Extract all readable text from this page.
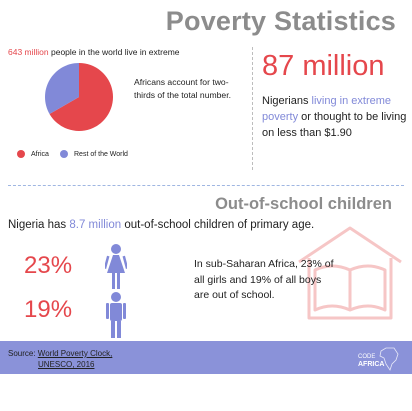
Poverty Statistics
643 million people in the world live in extreme
Africans account for two-thirds of the total number.
Africa	Rest of the World
87 million
Nigerians living in extreme poverty or thought to be living on less than $1.90
Out-of-school children
Nigeria has 8.7 million out-of-school children of primary age.
23%
19%
In sub-Saharan Africa, 23% of all girls and 19% of all boys are out of school.
Source: World Poverty Clock,
UNESCO, 2016
CODE
AFRICA
